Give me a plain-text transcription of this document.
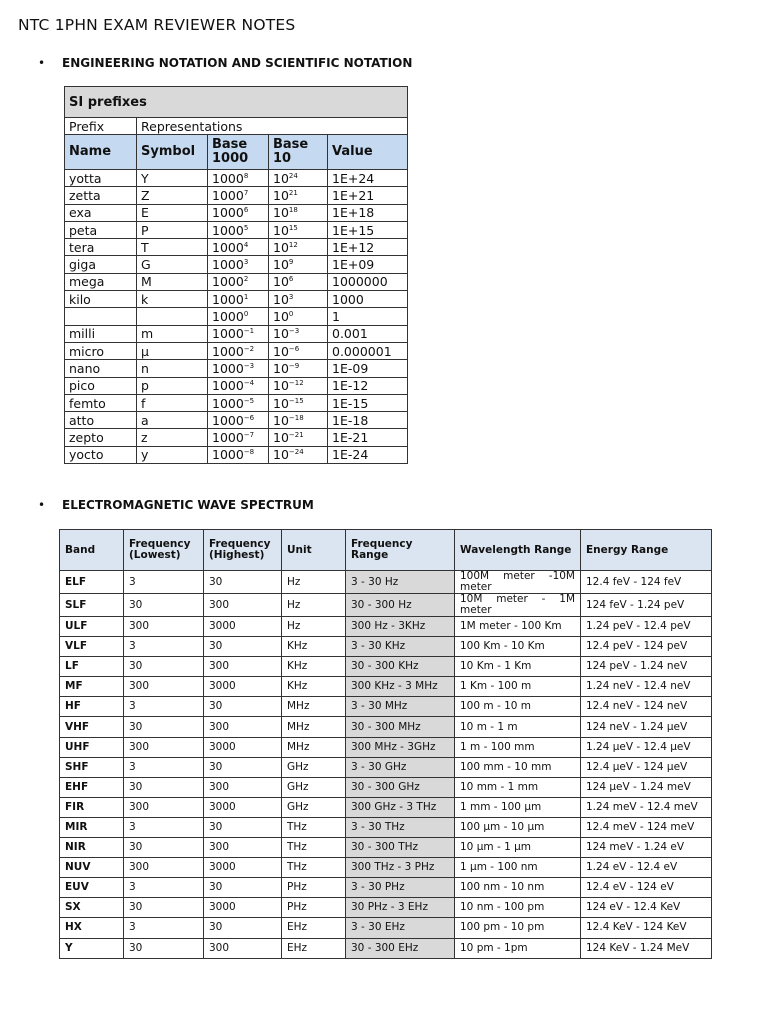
NTC 1PHN EXAM REVIEWER NOTES
• ENGINEERING NOTATION AND SCIENTIFIC NOTATION
SI prefixes				
Prefix	Representations			
Name	Symbol	Base 1000	Base 10	Value
yotta	Y	1000$^8$	$10^{24}$	1E+24
zetta	Z	1000$^7$	$10^{21}$	1E+21
exa	E	1000$^6$	$10^{18}$	1E+18
peta	P	1000$^5$	$10^{15}$	1E+15
tera	T	1000$^4$	$10^{12}$	1E+12
giga	G	1000$^3$	$10^9$	1E+09
mega	M	1000$^2$	$10^6$	1000000
kilo	k	1000$^1$	$10^3$	1000
		1000$^0$	$10^0$	1
milli	m	$1000^{-1}$	$10^{-3}$	0.001
micro	µ	$1000^{-2}$	$10^{-6}$	0.000001
nano	n	$1000^{-3}$	$10^{-9}$	1E-09
pico	p	$1000^{-4}$	$10^{-12}$	1E-12
femto	f	$1000^{-5}$	$10^{-15}$	1E-15
atto	a	$1000^{-6}$	$10^{-18}$	1E-18
zepto	z	$1000^{-7}$	$10^{-21}$	1E-21
yocto	y	$1000^{-8}$	$10^{-24}$	1E-24
• ELECTROMAGNETIC WAVE SPECTRUM
Band	Frequency (Lowest)	Frequency (Highest)	Unit	Frequency Range	Wavelength Range	Energy Range
ELF	3	30	Hz	3 - 30 Hz	100M meter -10M meter	12.4 feV - 124 feV
SLF	30	300	Hz	30 - 300 Hz	10M meter - 1M meter	124 feV - 1.24 peV
ULF	300	3000	Hz	300 Hz - 3KHz	1M meter - 100 Km	1.24 peV - 12.4 peV
VLF	3	30	KHz	3 - 30 KHz	100 Km - 10 Km	12.4 peV - 124 peV
LF	30	300	KHz	30 - 300 KHz	10 Km - 1 Km	124 peV - 1.24 neV
MF	300	3000	KHz	300 KHz - 3 MHz	1 Km - 100 m	1.24 neV - 12.4 neV
HF	3	30	MHz	3 - 30 MHz	100 m - 10 m	12.4 neV - 124 neV
VHF	30	300	MHz	30 - 300 MHz	10 m - 1 m	124 neV - 1.24 µeV
UHF	300	3000	MHz	300 MHz - 3GHz	1 m - 100 mm	1.24 µeV - 12.4 µeV
SHF	3	30	GHz	3 - 30 GHz	100 mm - 10 mm	12.4 µeV - 124 µeV
EHF	30	300	GHz	30 - 300 GHz	10 mm - 1 mm	124 µeV - 1.24 meV
FIR	300	3000	GHz	300 GHz - 3 THz	1 mm - 100 µm	1.24 meV - 12.4 meV
MIR	3	30	THz	3 - 30 THz	100 µm - 10 µm	12.4 meV - 124 meV
NIR	30	300	THz	30 - 300 THz	10 µm - 1 µm	124 meV - 1.24 eV
NUV	300	3000	THz	300 THz - 3 PHz	1 µm - 100 nm	1.24 eV - 12.4 eV
EUV	3	30	PHz	3 - 30 PHz	100 nm - 10 nm	12.4 eV - 124 eV
SX	30	3000	PHz	30 PHz - 3 EHz	10 nm - 100 pm	124 eV - 12.4 KeV
HX	3	30	EHz	3 - 30 EHz	100 pm - 10 pm	12.4 KeV - 124 KeV
Y	30	300	EHz	30 - 300 EHz	10 pm - 1pm	124 KeV - 1.24 MeV
